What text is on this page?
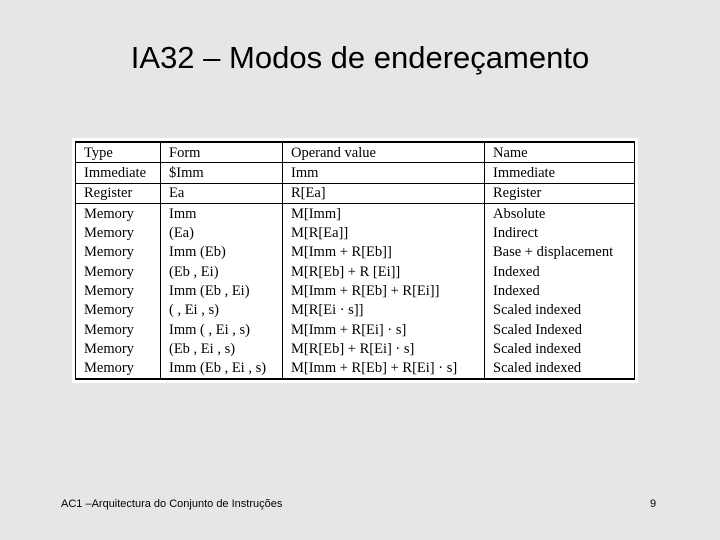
IA32 – Modos de endereçamento
Type	Form	Operand value	Name
Immediate	$Imm	Imm	Immediate
Register	Ea	R[Ea]	Register
Memory	Imm	M[Imm]	Absolute
Memory	(Ea)	M[R[Ea]]	Indirect
Memory	Imm (Eb)	M[Imm + R[Eb]]	Base + displacement
Memory	(Eb , Ei)	M[R[Eb] + R [Ei]]	Indexed
Memory	Imm (Eb , Ei)	M[Imm + R[Eb] + R[Ei]]	Indexed
Memory	( , Ei , s)	M[R[Ei · s]]	Scaled indexed
Memory	Imm ( , Ei , s)	M[Imm + R[Ei] · s]	Scaled Indexed
Memory	(Eb , Ei , s)	M[R[Eb] + R[Ei] · s]	Scaled indexed
Memory	Imm (Eb , Ei , s)	M[Imm + R[Eb] + R[Ei] · s]	Scaled indexed
AC1 –Arquitectura do Conjunto de Instruções	9
